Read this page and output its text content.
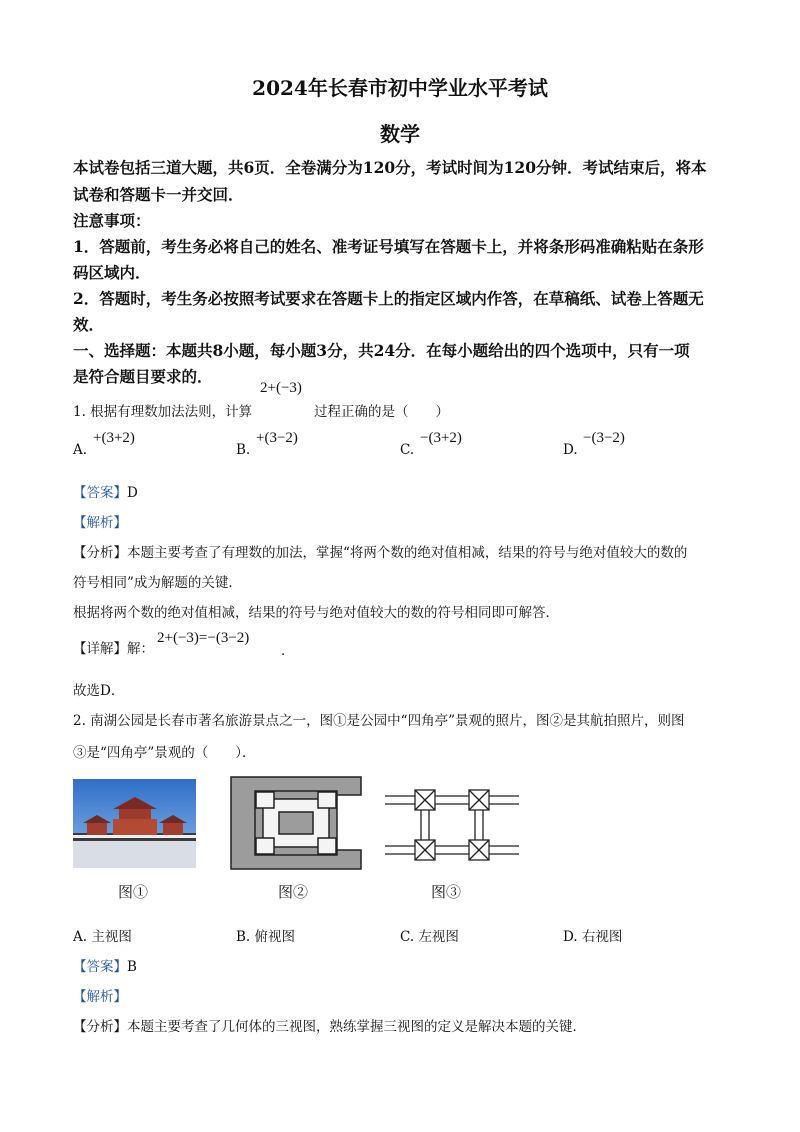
2024年长春市初中学业水平考试
数学
本试卷包括三道大题，共6页．全卷满分为120分，考试时间为120分钟．考试结束后，将本
试卷和答题卡一并交回．
注意事项：
1．答题前，考生务必将自己的姓名、准考证号填写在答题卡上，并将条形码准确粘贴在条形
码区域内．
2．答题时，考生务必按照考试要求在答题卡上的指定区域内作答，在草稿纸、试卷上答题无
效．
一、选择题：本题共8小题，每小题3分，共24分．在每小题给出的四个选项中，只有一项
是符合题目要求的．
1. 根据有理数加法法则，计算
2+(−3)
过程正确的是（　　）
A.
+(3+2)
B.
+(3−2)
C.
−(3+2)
D.
−(3−2)
【答案】D
【解析】
【分析】本题主要考查了有理数的加法，掌握“将两个数的绝对值相减，结果的符号与绝对值较大的数的
符号相同”成为解题的关键．
根据将两个数的绝对值相减，结果的符号与绝对值较大的数的符号相同即可解答．
【详解】解：
2+(−3)=−(3−2)
．
故选D．
2. 南湖公园是长春市著名旅游景点之一，图①是公园中“四角亭”景观的照片，图②是其航拍照片，则图
③是“四角亭”景观的（　　）．
图①	图②	图③
A. 主视图	B. 俯视图	C. 左视图	D. 右视图
【答案】B
【解析】
【分析】本题主要考查了几何体的三视图，熟练掌握三视图的定义是解决本题的关键．
